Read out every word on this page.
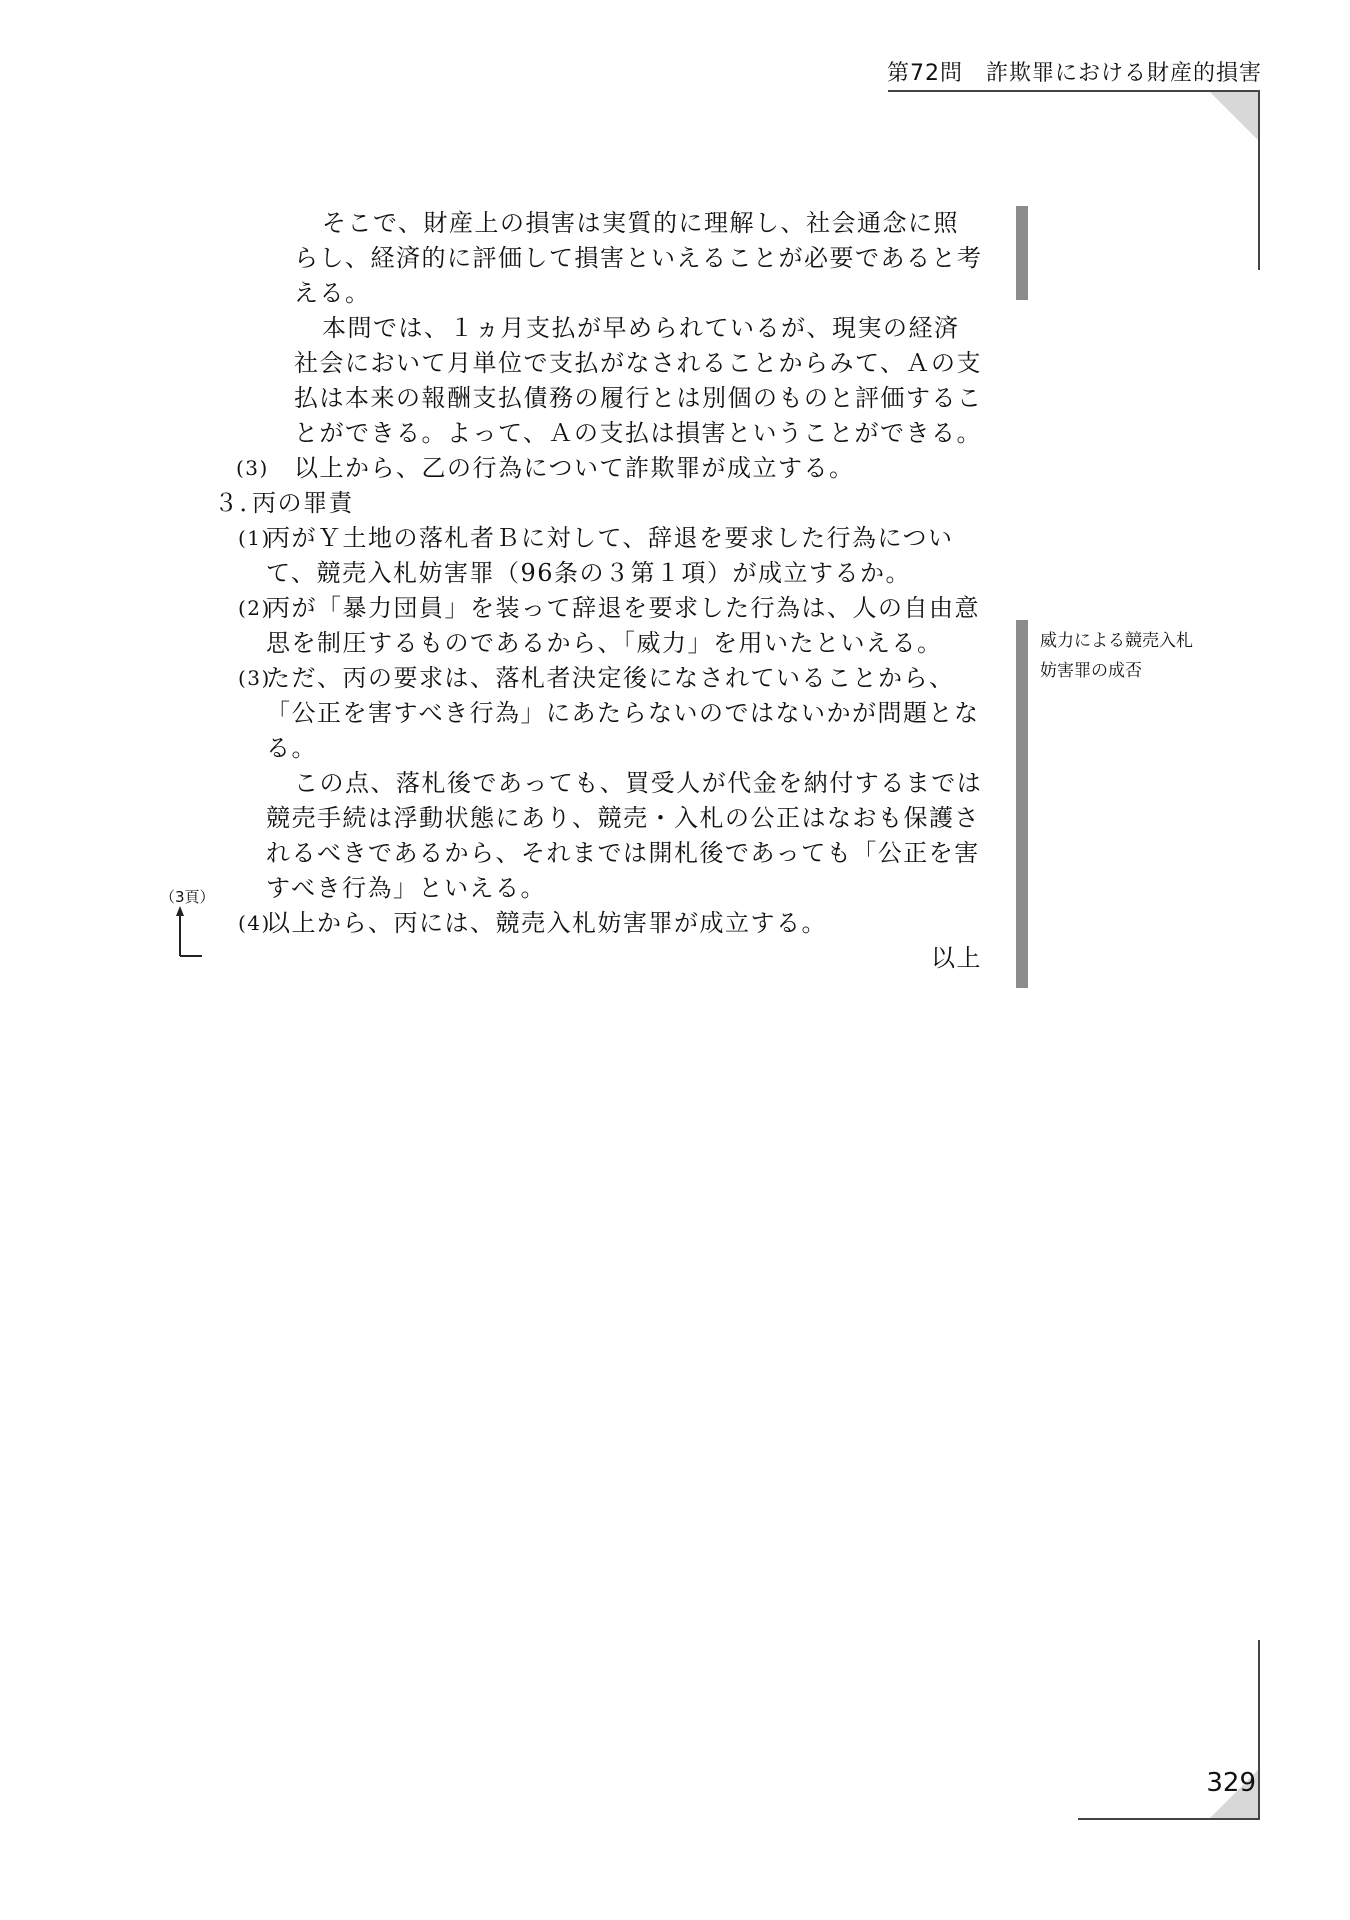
第72問　詐欺罪における財産的損害
威力による競売入札
妨害罪の成否
（3頁）

そこで、財産上の損害は実質的に理解し、社会通念に照らし、経済的に評価して損害といえることが必要であると考える。

本問では、１ヵ月支払が早められているが、現実の経済社会において月単位で支払がなされることからみて、Ａの支払は本来の報酬支払債務の履行とは別個のものと評価することができる。よって、Ａの支払は損害ということができる。

(3) 以上から、乙の行為について詐欺罪が成立する。

３．
丙の罪責

(1)
丙がＹ土地の落札者Ｂに対して、辞退を要求した行為について、競売入札妨害罪（96条の３第１項）が成立するか。

(2)
丙が「暴力団員」を装って辞退を要求した行為は、人の自由意思を制圧するものであるから、「威力」を用いたといえる。

(3)
ただ、丙の要求は、落札者決定後になされていることから、「公正を害すべき行為」にあたらないのではないかが問題となる。

この点、落札後であっても、買受人が代金を納付するまでは競売手続は浮動状態にあり、競売・入札の公正はなおも保護されるべきであるから、それまでは開札後であっても「公正を害すべき行為」といえる。

(4)
以上から、丙には、競売入札妨害罪が成立する。

以上

329
